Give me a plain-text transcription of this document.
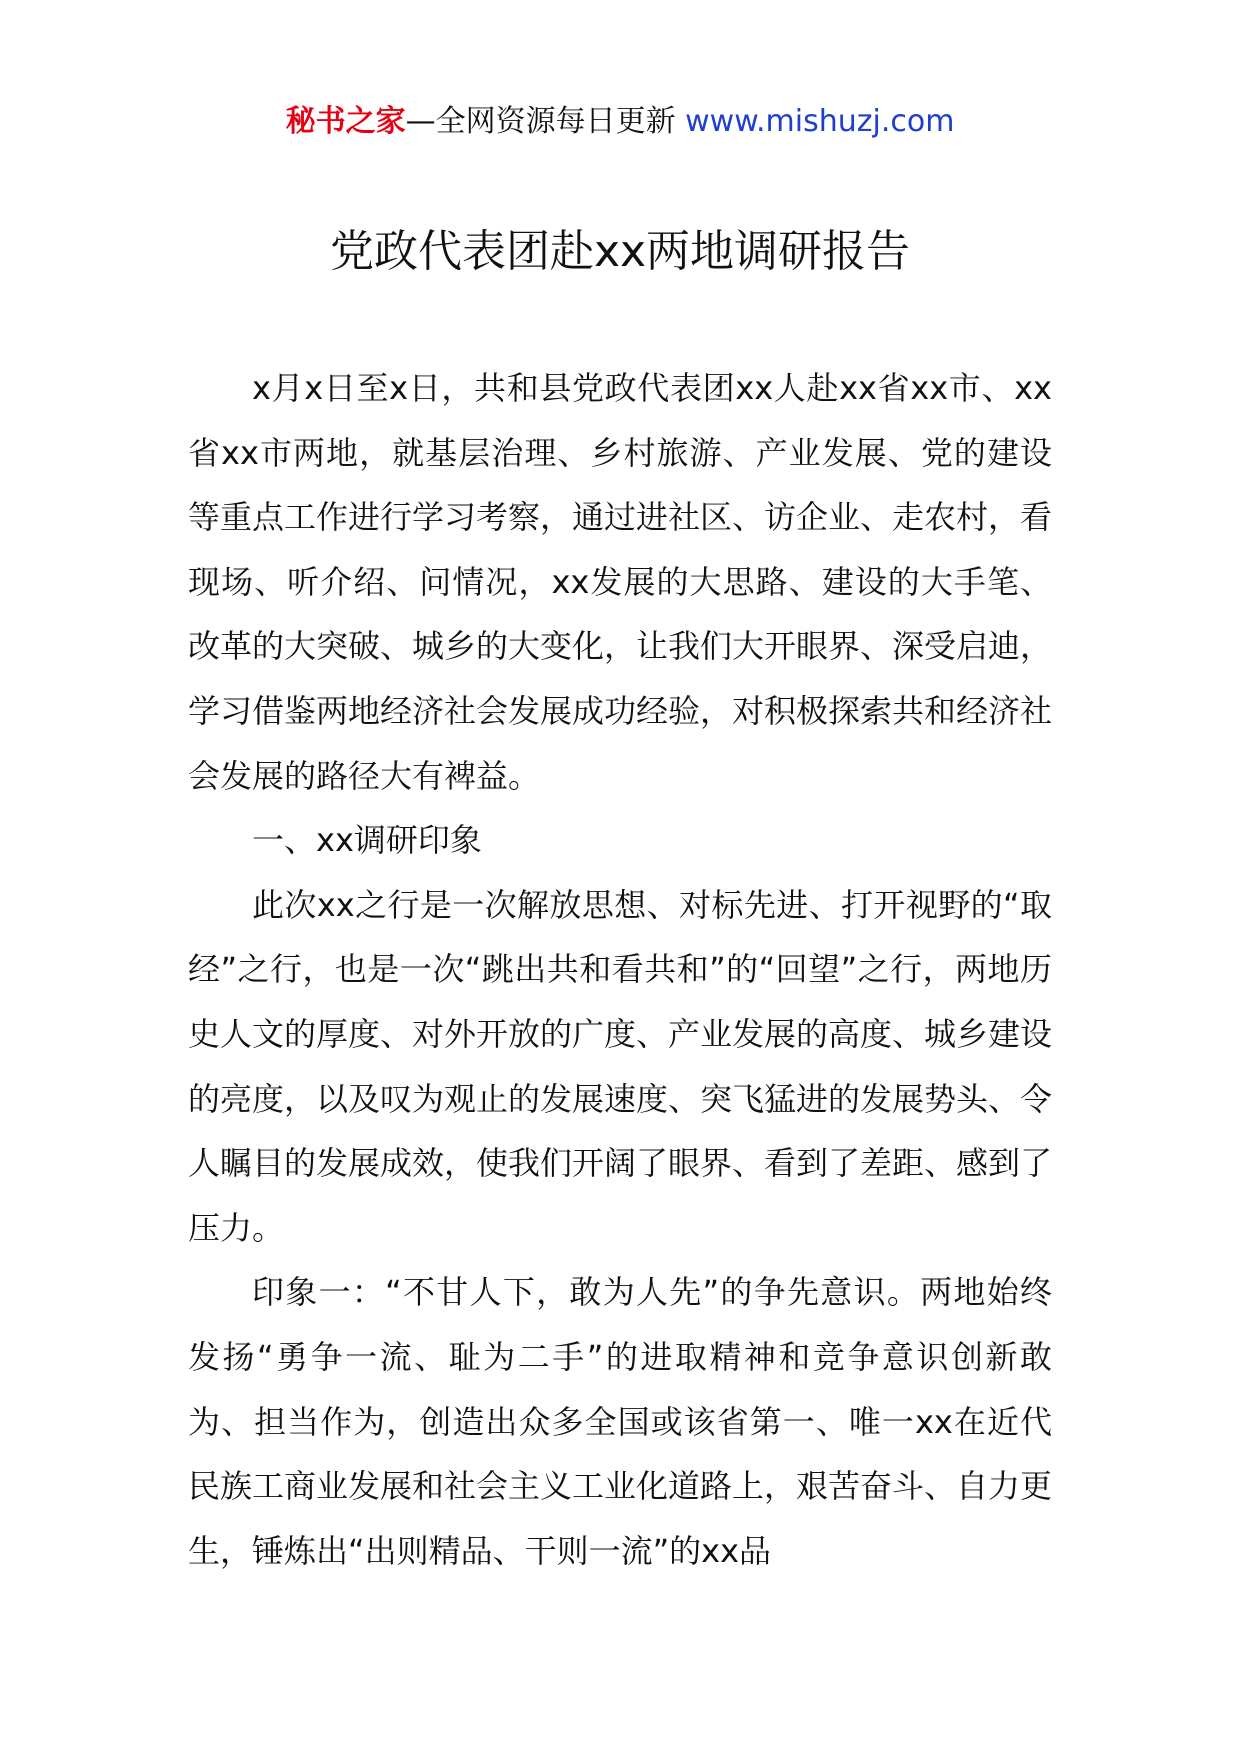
秘书之家—全网资源每日更新 www.mishuzj.com
党政代表团赴xx两地调研报告

x月x日至x日，共和县党政代表团xx人赴xx省xx市、xx省xx市两地，就基层治理、乡村旅游、产业发展、党的建设等重点工作进行学习考察，通过进社区、访企业、走农村，看现场、听介绍、问情况，xx发展的大思路、建设的大手笔、改革的大突破、城乡的大变化，让我们大开眼界、深受启迪，学习借鉴两地经济社会发展成功经验，对积极探索共和经济社会发展的路径大有裨益。

一、xx调研印象

此次xx之行是一次解放思想、对标先进、打开视野的“取经”之行，也是一次“跳出共和看共和”的“回望”之行，两地历史人文的厚度、对外开放的广度、产业发展的高度、城乡建设的亮度，以及叹为观止的发展速度、突飞猛进的发展势头、令人瞩目的发展成效，使我们开阔了眼界、看到了差距、感到了压力。

印象一：“不甘人下，敢为人先”的争先意识。两地始终发扬“勇争一流、耻为二手”的进取精神和竞争意识创新敢为、担当作为，创造出众多全国或该省第一、唯一xx在近代民族工商业发展和社会主义工业化道路上，艰苦奋斗、自力更生，锤炼出“出则精品、干则一流”的xx品
